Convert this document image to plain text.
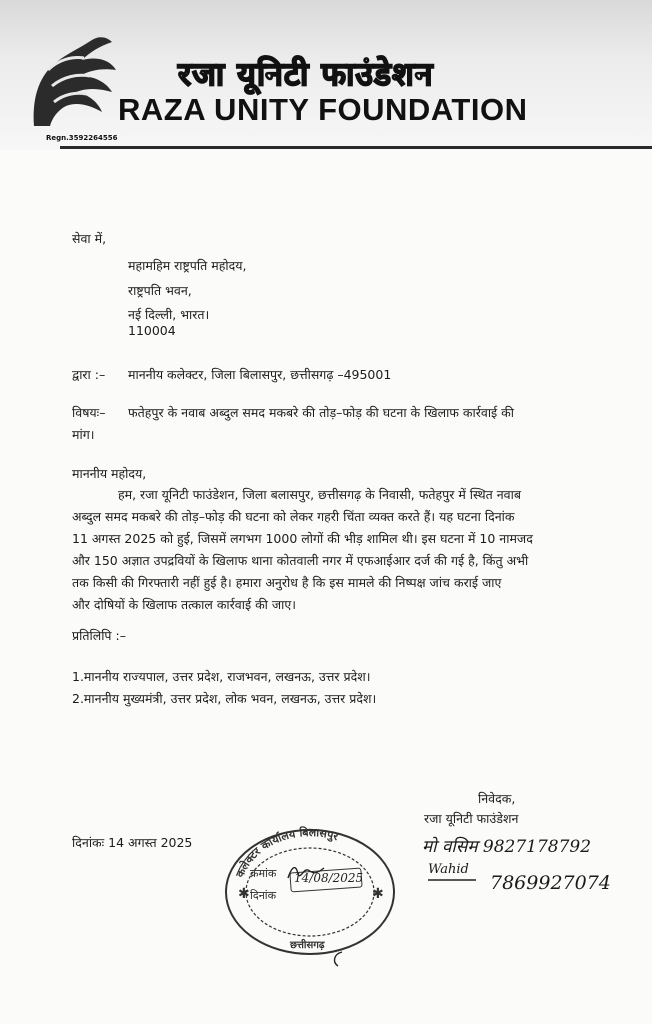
रजा यूनिटी फाउंडेशन
RAZA UNITY FOUNDATION
Regn.3592264556
सेवा में,
महामहिम राष्ट्रपति महोदय,
राष्ट्रपति भवन,
नई दिल्ली, भारत।
110004
द्वारा :– माननीय कलेक्टर, जिला बिलासपुर, छत्तीसगढ़ –495001
विषयः– फतेहपुर के नवाब अब्दुल समद मकबरे की तोड़–फोड़ की घटना के खिलाफ कार्रवाई की
मांग।
माननीय महोदय,
हम, रजा यूनिटी फाउंडेशन, जिला बलासपुर, छत्तीसगढ़ के निवासी, फतेहपुर में स्थित नवाब
अब्दुल समद मकबरे की तोड़–फोड़ की घटना को लेकर गहरी चिंता व्यक्त करते हैं। यह घटना दिनांक
11 अगस्त 2025 को हुई, जिसमें लगभग 1000 लोगों की भीड़ शामिल थी। इस घटना में 10 नामजद
और 150 अज्ञात उपद्रवियों के खिलाफ थाना कोतवाली नगर में एफआईआर दर्ज की गई है, किंतु अभी
तक किसी की गिरफ्तारी नहीं हुई है। हमारा अनुरोध है कि इस मामले की निष्पक्ष जांच कराई जाए
और दोषियों के खिलाफ तत्काल कार्रवाई की जाए।
प्रतिलिपि :–
1.माननीय राज्यपाल, उत्तर प्रदेश, राजभवन, लखनऊ, उत्तर प्रदेश।
2.माननीय मुख्यमंत्री, उत्तर प्रदेश, लोक भवन, लखनऊ, उत्तर प्रदेश।
निवेदक,
रजा यूनिटी फाउंडेशन
दिनांकः 14 अगस्त 2025
कलेक्टर कार्यालय बिलासपुर
✱	✱
छत्तीसगढ़
क्रमांक
दिनांक
14/08/2025
मो वसिम 9827178792
Wahid
7869927074
